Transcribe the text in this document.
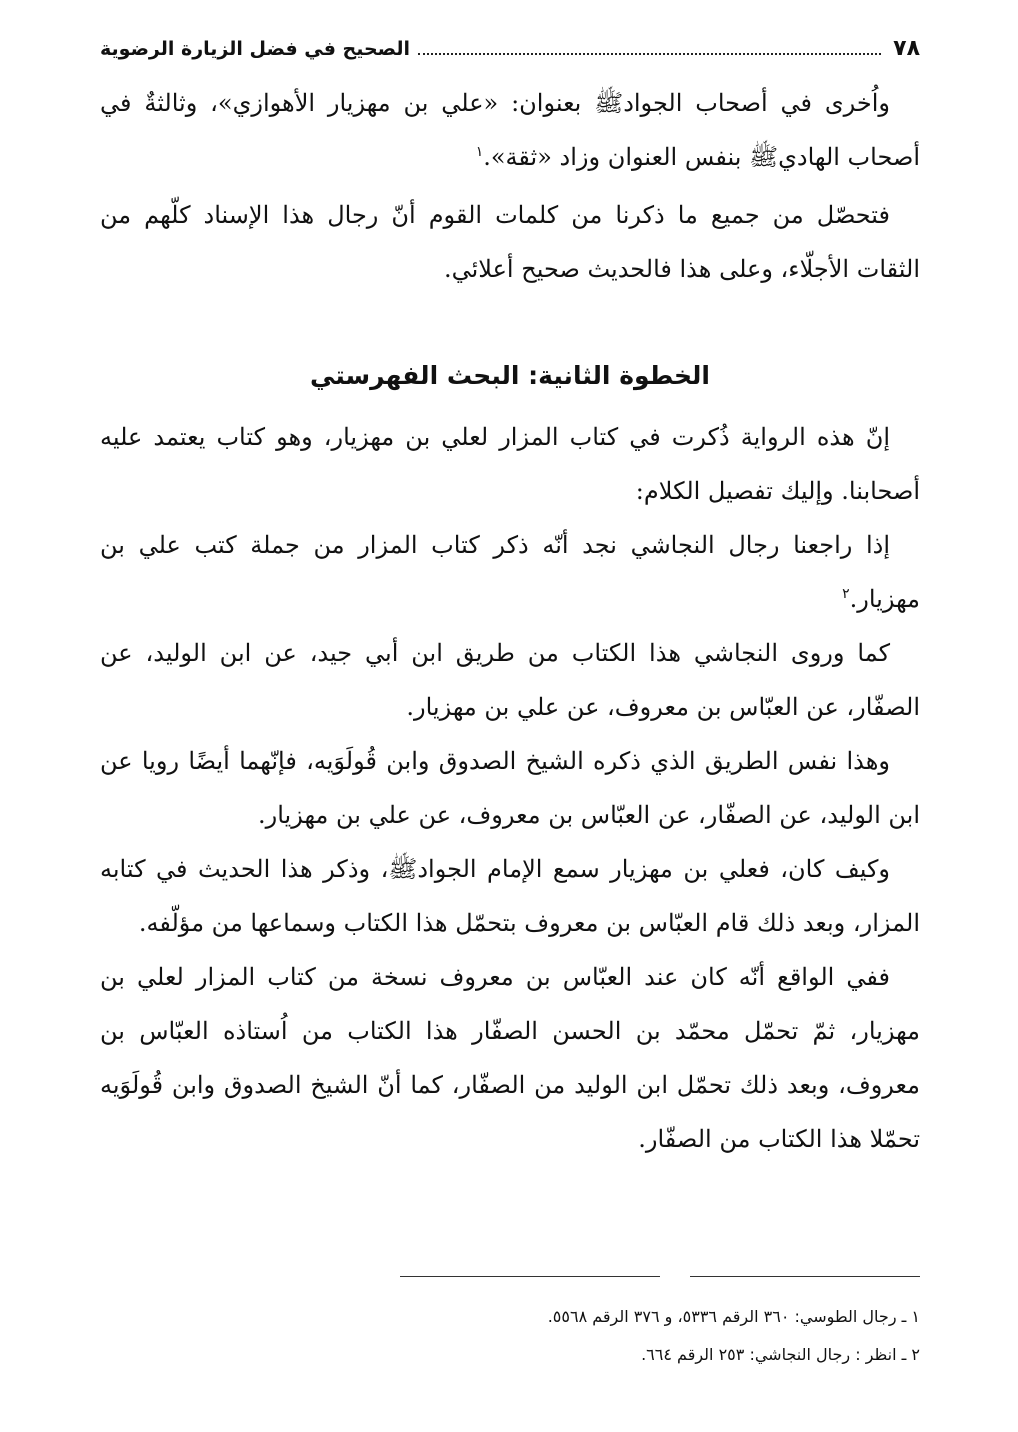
٧٨
الصحيح في فضل الزيارة الرضوية

واُخرى في أصحاب الجوادﷺ بعنوان: «علي بن مهزيار الأهوازي»، وثالثةٌ في أصحاب الهاديﷺ بنفس العنوان وزاد «ثقة».$^١$

فتحصّل من جميع ما ذكرنا من كلمات القوم أنّ رجال هذا الإسناد كلّهم من الثقات الأجلّاء، وعلى هذا فالحديث صحيح أعلائي.

الخطوة الثانية: البحث الفهرستي

إنّ هذه الرواية ذُكرت في كتاب المزار لعلي بن مهزيار، وهو كتاب يعتمد عليه أصحابنا. وإليك تفصيل الكلام:

إذا راجعنا رجال النجاشي نجد أنّه ذكر كتاب المزار من جملة كتب علي بن مهزيار.$^٢$

كما وروى النجاشي هذا الكتاب من طريق ابن أبي جيد، عن ابن الوليد، عن الصفّار، عن العبّاس بن معروف، عن علي بن مهزيار.

وهذا نفس الطريق الذي ذكره الشيخ الصدوق وابن قُولَوَيه، فإنّهما أيضًا رويا عن ابن الوليد، عن الصفّار، عن العبّاس بن معروف، عن علي بن مهزيار.

وكيف كان، فعلي بن مهزيار سمع الإمام الجوادﷺ، وذكر هذا الحديث في كتابه المزار، وبعد ذلك قام العبّاس بن معروف بتحمّل هذا الكتاب وسماعها من مؤلّفه.

ففي الواقع أنّه كان عند العبّاس بن معروف نسخة من كتاب المزار لعلي بن مهزيار، ثمّ تحمّل محمّد بن الحسن الصفّار هذا الكتاب من اُستاذه العبّاس بن معروف، وبعد ذلك تحمّل ابن الوليد من الصفّار، كما أنّ الشيخ الصدوق وابن قُولَوَيه تحمّلا هذا الكتاب من الصفّار.

١ ـ رجال الطوسي: ٣٦٠ الرقم ٥٣٣٦، و ٣٧٦ الرقم ٥٥٦٨.
٢ ـ انظر : رجال النجاشي: ٢٥٣ الرقم ٦٦٤.
